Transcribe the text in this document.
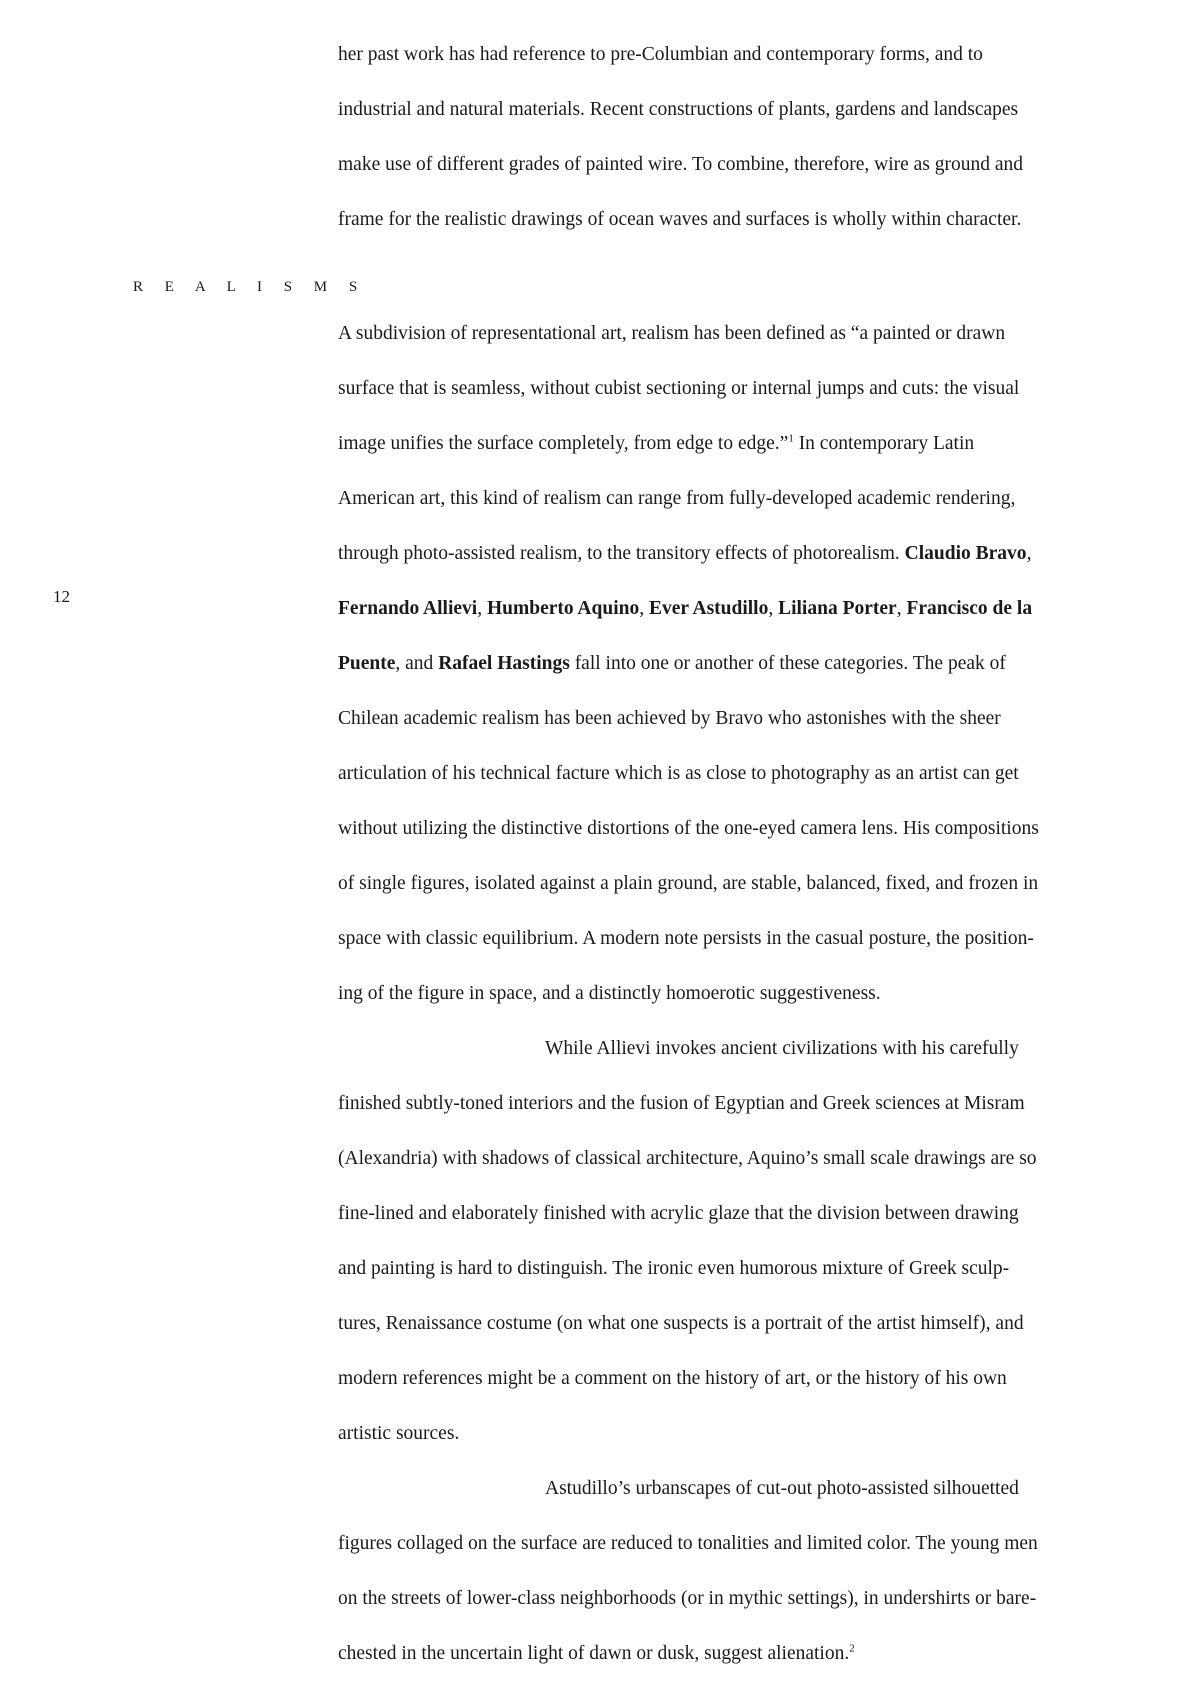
R E A L I S M S
12
her past work has had reference to pre-Columbian and contemporary forms, and to
industrial and natural materials. Recent constructions of plants, gardens and landscapes
make use of different grades of painted wire. To combine, therefore, wire as ground and
frame for the realistic drawings of ocean waves and surfaces is wholly within character.
A subdivision of representational art, realism has been defined as “a painted or drawn
surface that is seamless, without cubist sectioning or internal jumps and cuts: the visual
image unifies the surface completely, from edge to edge.”$^1$ In contemporary Latin
American art, this kind of realism can range from fully-developed academic rendering,
through photo-assisted realism, to the transitory effects of photorealism. Claudio Bravo,
Fernando Allievi, Humberto Aquino, Ever Astudillo, Liliana Porter, Francisco de la
Puente, and Rafael Hastings fall into one or another of these categories. The peak of
Chilean academic realism has been achieved by Bravo who astonishes with the sheer
articulation of his technical facture which is as close to photography as an artist can get
without utilizing the distinctive distortions of the one-eyed camera lens. His compositions
of single figures, isolated against a plain ground, are stable, balanced, fixed, and frozen in
space with classic equilibrium. A modern note persists in the casual posture, the position-
ing of the figure in space, and a distinctly homoerotic suggestiveness.
While Allievi invokes ancient civilizations with his carefully
finished subtly-toned interiors and the fusion of Egyptian and Greek sciences at Misram
(Alexandria) with shadows of classical architecture, Aquino’s small scale drawings are so
fine-lined and elaborately finished with acrylic glaze that the division between drawing
and painting is hard to distinguish. The ironic even humorous mixture of Greek sculp-
tures, Renaissance costume (on what one suspects is a portrait of the artist himself), and
modern references might be a comment on the history of art, or the history of his own
artistic sources.
Astudillo’s urbanscapes of cut-out photo-assisted silhouetted
figures collaged on the surface are reduced to tonalities and limited color. The young men
on the streets of lower-class neighborhoods (or in mythic settings), in undershirts or bare-
chested in the uncertain light of dawn or dusk, suggest alienation.$^2$
